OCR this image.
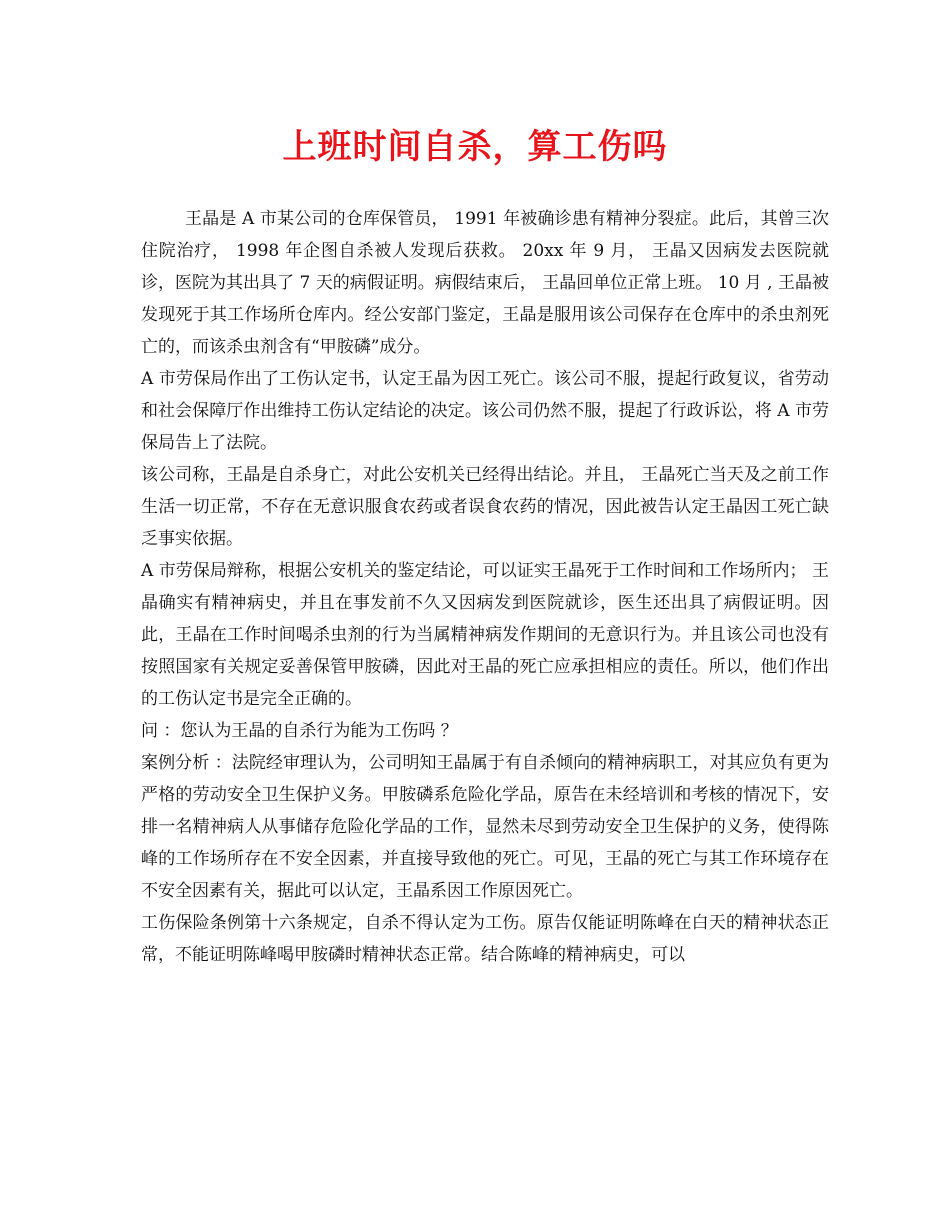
上班时间自杀，算工伤吗

王晶是 A 市某公司的仓库保管员， 1991 年被确诊患有精神分裂症。此后，其曾三次住院治疗， 1998 年企图自杀被人发现后获救。 20xx 年 9 月， 王晶又因病发去医院就诊，医院为其出具了 7 天的病假证明。病假结束后， 王晶回单位正常上班。 10 月 , 王晶被发现死于其工作场所仓库内。经公安部门鉴定，王晶是服用该公司保存在仓库中的杀虫剂死亡的，而该杀虫剂含有“甲胺磷”成分。

A 市劳保局作出了工伤认定书，认定王晶为因工死亡。该公司不服，提起行政复议，省劳动和社会保障厅作出维持工伤认定结论的决定。该公司仍然不服，提起了行政诉讼，将 A 市劳保局告上了法院。

该公司称，王晶是自杀身亡，对此公安机关已经得出结论。并且， 王晶死亡当天及之前工作生活一切正常，不存在无意识服食农药或者误食农药的情况，因此被告认定王晶因工死亡缺乏事实依据。

A 市劳保局辩称，根据公安机关的鉴定结论，可以证实王晶死于工作时间和工作场所内； 王晶确实有精神病史，并且在事发前不久又因病发到医院就诊，医生还出具了病假证明。因此，王晶在工作时间喝杀虫剂的行为当属精神病发作期间的无意识行为。并且该公司也没有按照国家有关规定妥善保管甲胺磷，因此对王晶的死亡应承担相应的责任。所以，他们作出的工伤认定书是完全正确的。

问 ：您认为王晶的自杀行为能为工伤吗 ？

案例分析 ：法院经审理认为，公司明知王晶属于有自杀倾向的精神病职工，对其应负有更为严格的劳动安全卫生保护义务。甲胺磷系危险化学品，原告在未经培训和考核的情况下，安排一名精神病人从事储存危险化学品的工作，显然未尽到劳动安全卫生保护的义务，使得陈峰的工作场所存在不安全因素，并直接导致他的死亡。可见，王晶的死亡与其工作环境存在不安全因素有关，据此可以认定，王晶系因工作原因死亡。

工伤保险条例第十六条规定，自杀不得认定为工伤。原告仅能证明陈峰在白天的精神状态正常，不能证明陈峰喝甲胺磷时精神状态正常。结合陈峰的精神病史，可以
